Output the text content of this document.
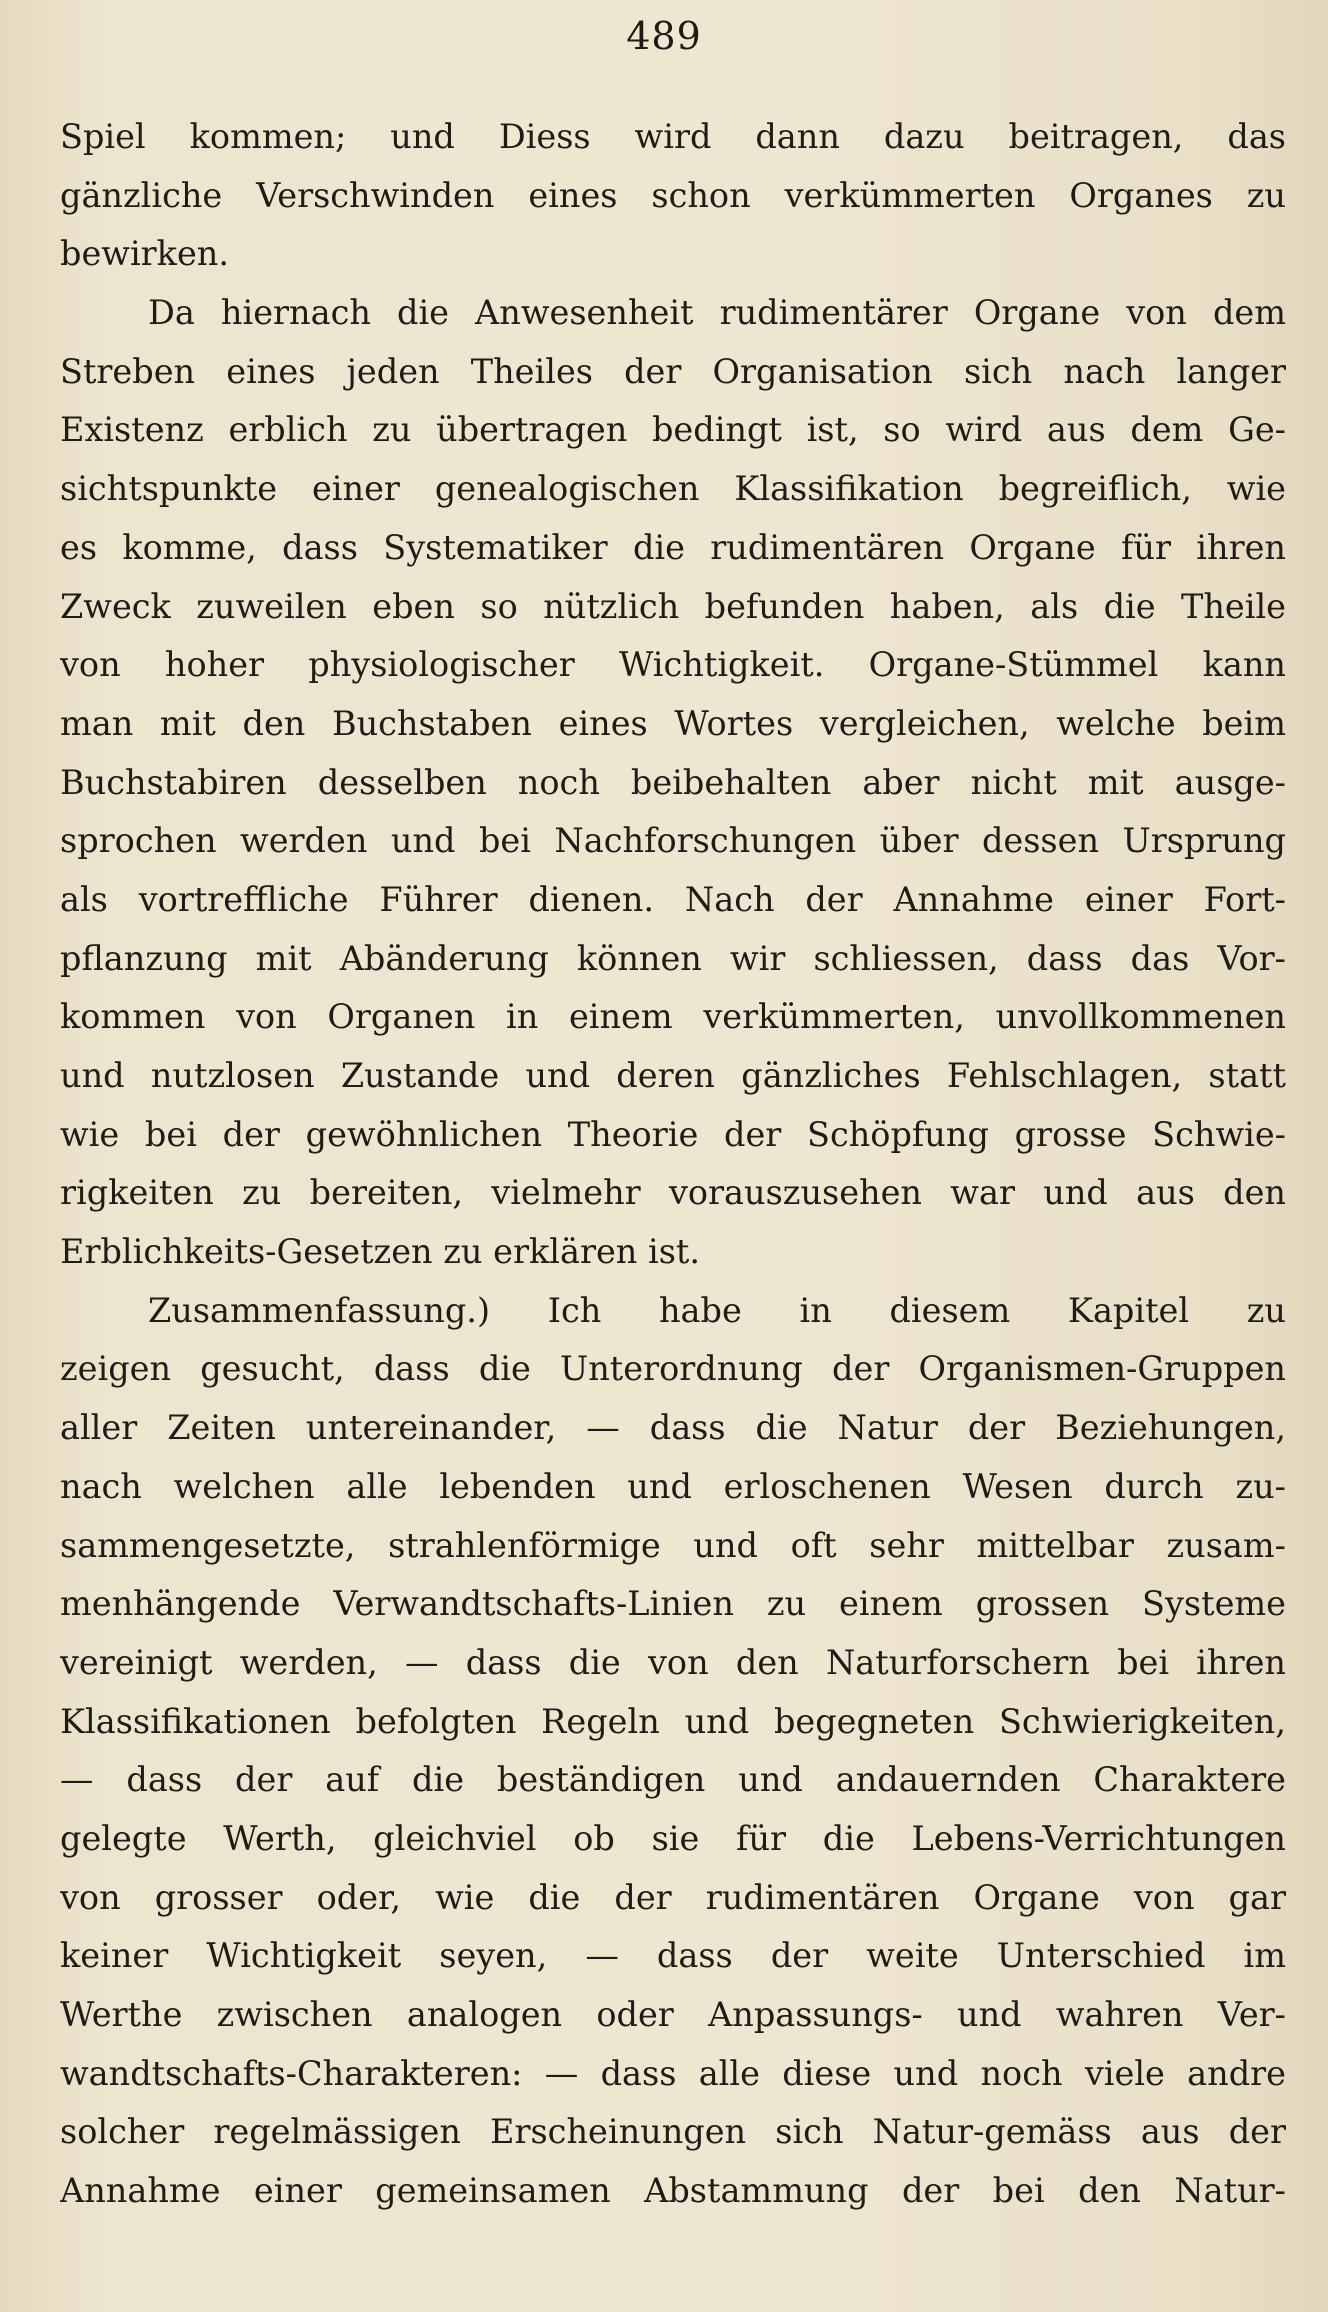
489
Spiel kommen; und Diess wird dann dazu beitragen, das
gänzliche Verschwinden eines schon verkümmerten Organes zu
bewirken.
Da hiernach die Anwesenheit rudimentärer Organe von dem
Streben eines jeden Theiles der Organisation sich nach langer
Existenz erblich zu übertragen bedingt ist, so wird aus dem Ge-
sichtspunkte einer genealogischen Klassifikation begreiflich, wie
es komme, dass Systematiker die rudimentären Organe für ihren
Zweck zuweilen eben so nützlich befunden haben, als die Theile
von hoher physiologischer Wichtigkeit. Organe-Stümmel kann
man mit den Buchstaben eines Wortes vergleichen, welche beim
Buchstabiren desselben noch beibehalten aber nicht mit ausge-
sprochen werden und bei Nachforschungen über dessen Ursprung
als vortreffliche Führer dienen. Nach der Annahme einer Fort-
pflanzung mit Abänderung können wir schliessen, dass das Vor-
kommen von Organen in einem verkümmerten, unvollkommenen
und nutzlosen Zustande und deren gänzliches Fehlschlagen, statt
wie bei der gewöhnlichen Theorie der Schöpfung grosse Schwie-
rigkeiten zu bereiten, vielmehr vorauszusehen war und aus den
Erblichkeits-Gesetzen zu erklären ist.
Zusammenfassung.) Ich habe in diesem Kapitel zu
zeigen gesucht, dass die Unterordnung der Organismen-Gruppen
aller Zeiten untereinander, — dass die Natur der Beziehungen,
nach welchen alle lebenden und erloschenen Wesen durch zu-
sammengesetzte, strahlenförmige und oft sehr mittelbar zusam-
menhängende Verwandtschafts-Linien zu einem grossen Systeme
vereinigt werden, — dass die von den Naturforschern bei ihren
Klassifikationen befolgten Regeln und begegneten Schwierigkeiten,
— dass der auf die beständigen und andauernden Charaktere
gelegte Werth, gleichviel ob sie für die Lebens-Verrichtungen
von grosser oder, wie die der rudimentären Organe von gar
keiner Wichtigkeit seyen, — dass der weite Unterschied im
Werthe zwischen analogen oder Anpassungs- und wahren Ver-
wandtschafts-Charakteren: — dass alle diese und noch viele andre
solcher regelmässigen Erscheinungen sich Natur-gemäss aus der
Annahme einer gemeinsamen Abstammung der bei den Natur-
